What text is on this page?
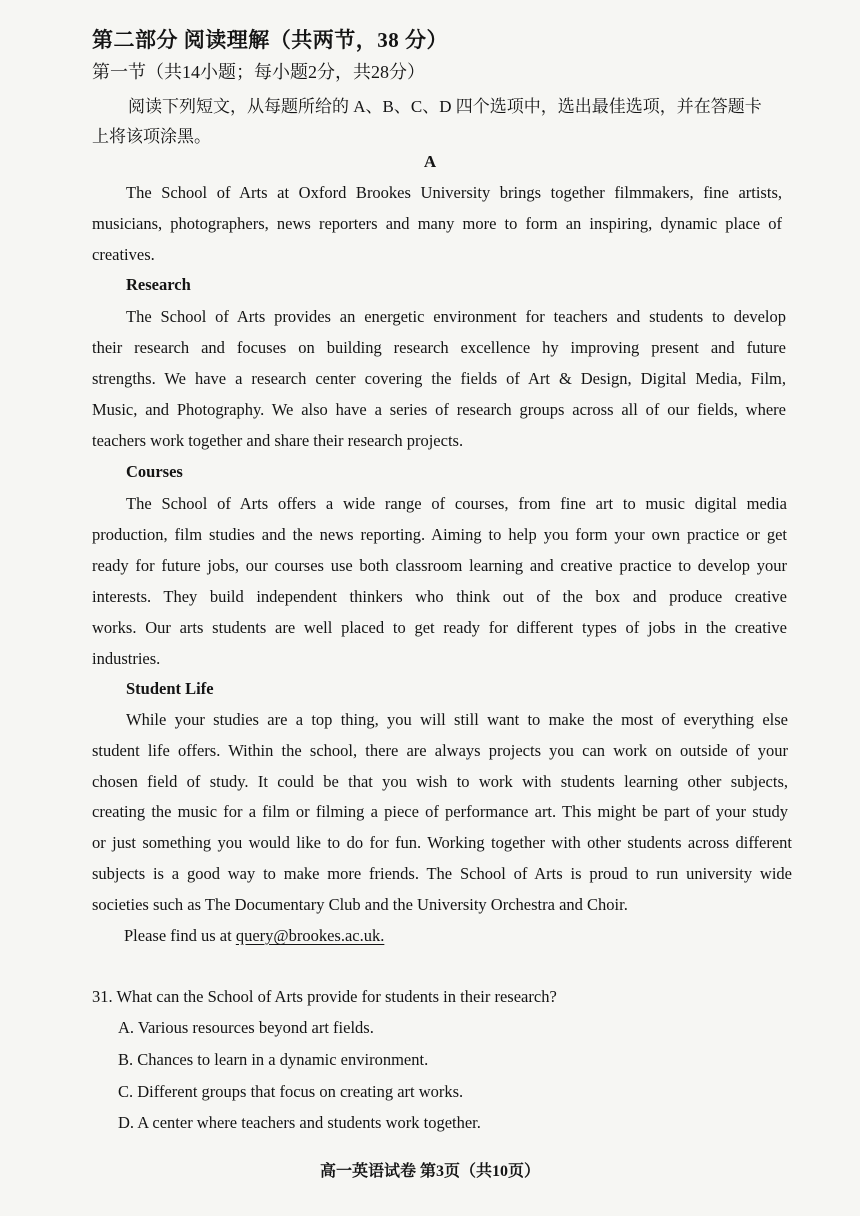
第二部分 阅读理解（共两节，38 分）
第一节（共14小题；每小题2分，共28分）
阅读下列短文，从每题所给的 A、B、C、D 四个选项中，选出最佳选项，并在答题卡
上将该项涂黑。
A
The School of Arts at Oxford Brookes University brings together filmmakers, fine artists,
musicians, photographers, news reporters and many more to form an inspiring, dynamic place of
creatives.
Research
The School of Arts provides an energetic environment for teachers and students to develop
their research and focuses on building research excellence hy improving present and future
strengths. We have a research center covering the fields of Art & Design, Digital Media, Film,
Music, and Photography. We also have a series of research groups across all of our fields, where
teachers work together and share their research projects.
Courses
The School of Arts offers a wide range of courses, from fine art to music digital media
production, film studies and the news reporting. Aiming to help you form your own practice or get
ready for future jobs, our courses use both classroom learning and creative practice to develop your
interests. They build independent thinkers who think out of the box and produce creative
works. Our arts students are well placed to get ready for different types of jobs in the creative
industries.
Student Life
While your studies are a top thing, you will still want to make the most of everything else
student life offers. Within the school, there are always projects you can work on outside of your
chosen field of study. It could be that you wish to work with students learning other subjects,
creating the music for a film or filming a piece of performance art. This might be part of your study
or just something you would like to do for fun. Working together with other students across different
subjects is a good way to make more friends. The School of Arts is proud to run university wide
societies such as The Documentary Club and the University Orchestra and Choir.
Please find us at query@brookes.ac.uk.
31. What can the School of Arts provide for students in their research?
A. Various resources beyond art fields.
B. Chances to learn in a dynamic environment.
C. Different groups that focus on creating art works.
D. A center where teachers and students work together.
高一英语试卷 第3页（共10页）
